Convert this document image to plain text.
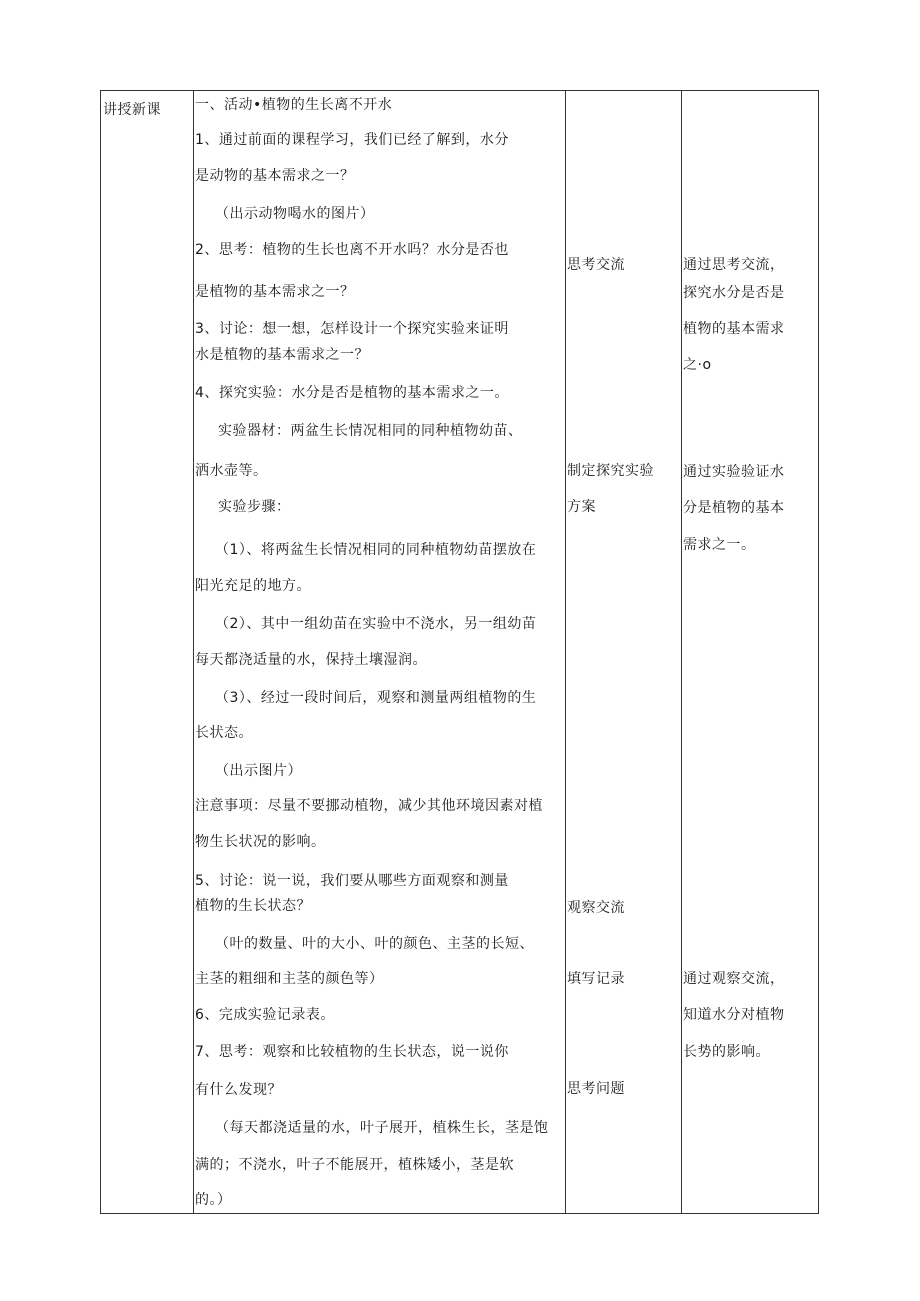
讲授新课 一、活动•植物的生长离不开水
1、通过前面的课程学习，我们已经了解到，水分
是动物的基本需求之一？
（出示动物喝水的图片）
2、思考：植物的生长也离不开水吗？水分是否也
是植物的基本需求之一？
3、讨论：想一想，怎样设计一个探究实验来证明
水是植物的基本需求之一？
4、探究实验：水分是否是植物的基本需求之一。
实验器材：两盆生长情况相同的同种植物幼苗、
洒水壶等。
实验步骤：
（1）、将两盆生长情况相同的同种植物幼苗摆放在
阳光充足的地方。
（2）、其中一组幼苗在实验中不浇水，另一组幼苗
每天都浇适量的水，保持土壤湿润。
（3）、经过一段时间后，观察和测量两组植物的生
长状态。
（出示图片）
注意事项：尽量不要挪动植物，减少其他环境因素对植
物生长状况的影响。
5、讨论：说一说，我们要从哪些方面观察和测量
植物的生长状态？
（叶的数量、叶的大小、叶的颜色、主茎的长短、
主茎的粗细和主茎的颜色等）
6、完成实验记录表。
7、思考：观察和比较植物的生长状态，说一说你
有什么发现？
（每天都浇适量的水，叶子展开，植株生长，茎是饱
满的；不浇水，叶子不能展开，植株矮小，茎是软
的。）
思考交流
制定探究实验
方案
观察交流
填写记录
思考问题
通过思考交流，
探究水分是否是
植物的基本需求
之·o
通过实验验证水
分是植物的基本
需求之一。
通过观察交流，
知道水分对植物
长势的影响。
